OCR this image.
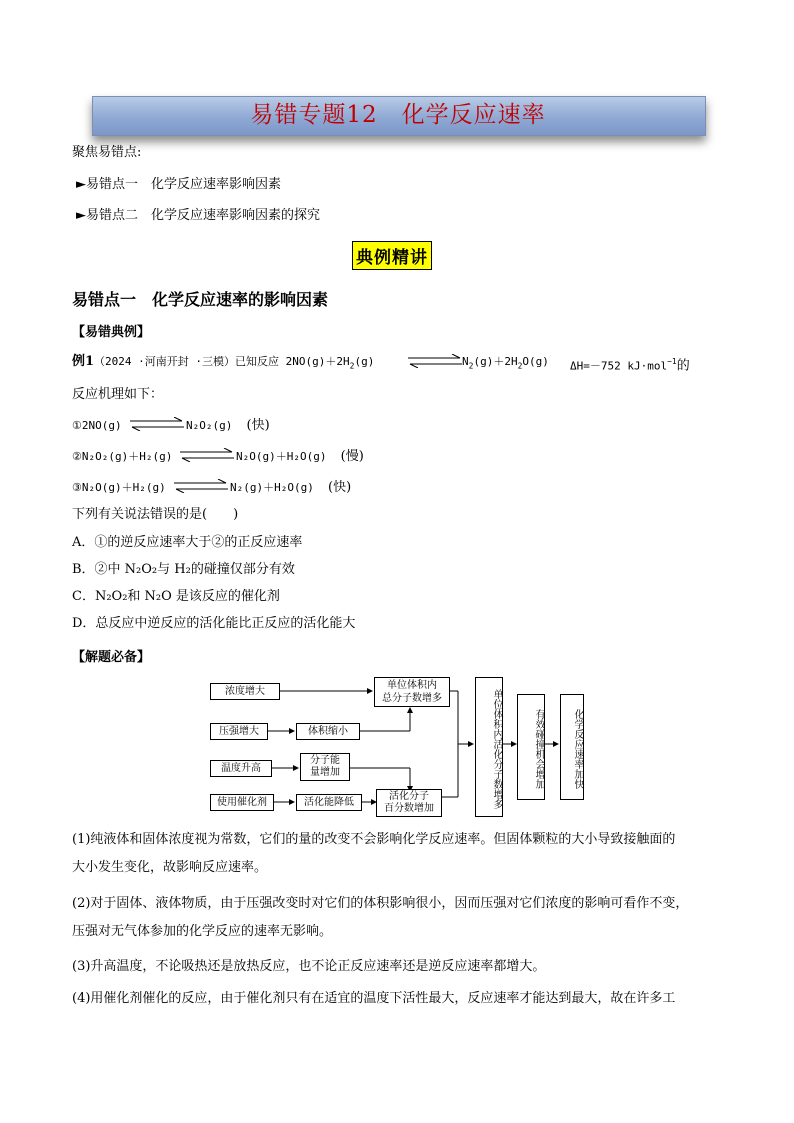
易错专题12　化学反应速率
聚焦易错点:
►易错点一　化学反应速率影响因素
►易错点二　化学反应速率影响因素的探究
典例精讲
易错点一　化学反应速率的影响因素
【易错典例】
例1（2024 ·河南开封 ·三模）已知反应 $2NO(g)+2H_2(g)$ ⇌ $N_2(g)+2H_2O(g)$ ΔH=－752 kJ·mol$^{-1}$的
反应机理如下：
①2NO(g) ⇌ N₂O₂(g) (快)
②N₂O₂(g)＋H₂(g) ⇌ N₂O(g)＋H₂O(g) (慢)
③N₂O(g)＋H₂(g) ⇌ N₂(g)＋H₂O(g) (快)
下列有关说法错误的是(　　)
A．①的逆反应速率大于②的正反应速率
B．②中 N₂O₂与 H₂的碰撞仅部分有效
C．N₂O₂和 N₂O 是该反应的催化剂
D．总反应中逆反应的活化能比正反应的活化能大
【解题必备】
浓度增大
压强增大
温度升高
使用催化剂
体积缩小
分子能
量增加
活化能降低
单位体积内
总分子数增多
活化分子
百分数增加	单位体积内活化分子数增多	有效碰撞机会增加	化学反应速率加快
(1)纯液体和固体浓度视为常数，它们的量的改变不会影响化学反应速率。但固体颗粒的大小导致接触面的
大小发生变化，故影响反应速率。
(2)对于固体、液体物质，由于压强改变时对它们的体积影响很小，因而压强对它们浓度的影响可看作不变，
压强对无气体参加的化学反应的速率无影响。
(3)升高温度，不论吸热还是放热反应，也不论正反应速率还是逆反应速率都增大。
(4)用催化剂催化的反应，由于催化剂只有在适宜的温度下活性最大，反应速率才能达到最大，故在许多工
